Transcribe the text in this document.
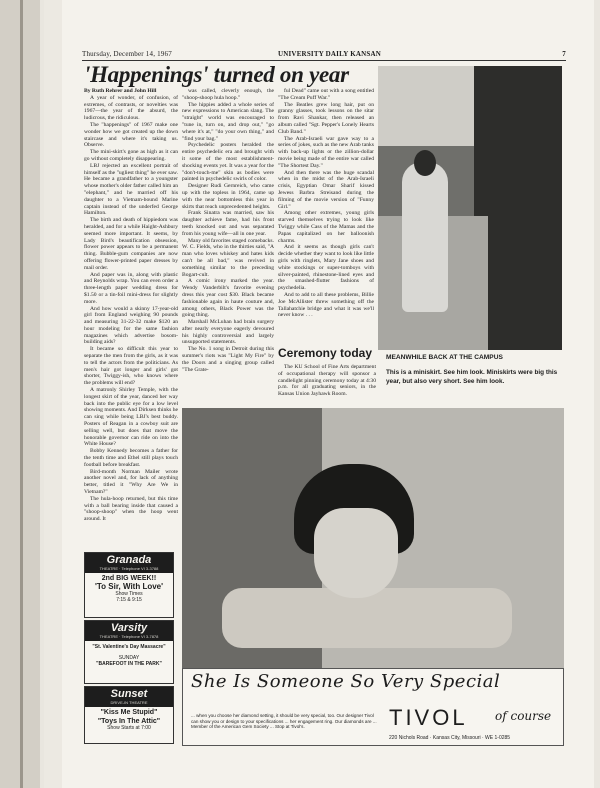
Thursday, December 14, 1967	UNIVERSITY DAILY KANSAN	7
'Happenings' turned on year

By Ruth Rehrer and John Hill

A year of wonder, of confusion, of extremes, of contrasts, or novelties was 1967—the year of the absurd, the ludicrous, the ridiculous.

The "happenings" of 1967 make one wonder how we got created up the down staircase and where it's taking us. Observe.

The mini-skirt's gone as high as it can go without completely disappearing.

LBJ rejected an excellent portrait of himself as the "ugliest thing" he ever saw. He became a grandfather to a youngster whose mother's older father called him an "elephant," and he married off his daughter to a Vietnam-bound Marine captain instead of the underfed George Hamilton.

The birth and death of hippiedom was heralded, and for a while Haight-Ashbury seemed more important. It seems, by Lady Bird's beautification obsession, flower power appears to be a permanent thing. Bubble-gum companies are now offering flower-printed paper dresses by mail order.

And paper was in, along with plastic and Reynolds wrap. You can even order a three-length paper wedding dress for $1.50 or a tin-foil mini-dress for slightly more.

And how would a skinny 17-year-old girl from England weighing 90 pounds and measuring 31-22-32 make $120 an hour modeling for the same fashion magazines which advertise bosom-building aids?

It became so difficult this year to separate the men from the girls, as it was to tell the actors from the politicians. As men's hair got longer and girls' got shorter, Twiggy-ish, who knows where the problems will end?

A matronly Shirley Temple, with the longest skirt of the year, danced her way back into the public eye for a low level showing moments. And Dirksen thinks he can sing while being LBJ's best buddy. Posters of Reagan in a cowboy suit are selling well, but does that move the honorable governor can ride on into the White House?

Bobby Kennedy becomes a father for the tenth time and Ethel still plays touch football before breakfast.

Bird-month Norman Mailer wrote another novel and, for lack of anything better, titled it "Why Are We in Vietnam?"

The hula-hoop returned, but this time with a ball bearing inside that caused a "shoop-shoop" when the hoop went around. It

was called, cleverly enough, the "shoop-shoop hula hoop."

The hippies added a whole series of new expressions to American slang. The "straight" world was encouraged to "tune in, turn on, and drop out," "go where it's at," "do your own thing," and "find your bag."

Psychedelic posters heralded the entire psychedelic era and brought with it some of the most establishment-shocking events yet. It was a year for the "don't-touch-me" skin as bodies were painted in psychedelic swirls of color.

Designer Rudi Gernreich, who came up with the topless in 1964, came up with the near bottomless this year in skirts that reach unprecedented heights.

Frank Sinatra was married, saw his daughter achieve fame, had his front teeth knocked out and was separated from his young wife—all in one year.

Many old favorites staged comebacks. W. C. Fields, who in the thirties said, "A man who loves whiskey and hates kids can't be all bad," was revived in something similar to the preceding Bogart-cult.

A comic irony marked the year. Wendy Vanderbilt's favorite evening dress this year cost $30. Black became fashionable again in haute couture and, among others, Black Power was the going thing.

Marshall McLuhan had brain surgery after nearly everyone eagerly devoured his highly controversial and largely unsupported statements.

The No. 1 song in Detroit during this summer's riots was "Light My Fire" by the Doors and a singing group called "The Grate-

ful Dead" came out with a song entitled "The Cream Puff War."

The Beatles grew long hair, put on granny glasses, took lessons on the sitar from Ravi Shankar, then released an album called "Sgt. Pepper's Lonely Hearts Club Band."

The Arab-Israeli war gave way to a series of jokes, such as the new Arab tanks with back-up lights or the zillion-dollar movie being made of the entire war called "The Shortest Day."

And then there was the huge scandal when in the midst of the Arab-Israeli crisis, Egyptian Omar Sharif kissed Jewess Barbra Streisand during the filming of the movie version of "Funny Girl."

Among other extremes, young girls starved themselves trying to look like Twiggy while Cass of the Mamas and the Papas capitalized on her balloonish charms.

And it seems as though girls can't decide whether they want to look like little girls with ringlets, Mary Jane shoes and white stockings or super-tomboys with silver-painted, rhinestone-lined eyes and the smashed-flutter fashions of psychedelia.

And to add to all these problems, Billie Joe McAllister threw something off the Tallahatchie bridge and what it was we'll never know . . .

MEANWHILE BACK AT THE CAMPUS
This is a miniskirt. See him look. Miniskirts were big this year, but also very short. See him look.
Ceremony today

The KU School of Fine Arts department of occupational therapy will sponsor a candlelight pinning ceremony today at 4:30 p.m. for all graduating seniors, in the Kansas Union Jayhawk Room.

She Is Someone So Very Special
... when you choose her diamond setting, it should be very special, too. Our designer Tivol can show you or design to your specifications ... her engagement ring. Our diamonds are ... Member of the American Gem Society ... Stop at Tivol's.	TIVOL of course
220 Nichols Road · Kansas City, Missouri · WE 1-0285
Granada
THEATRE · Telephone VI 3-3788
2nd BIG WEEK!!
'To Sir, With Love'
Show Times
7:15 & 9:15
Varsity
THEATRE · Telephone VI 3-7878
"St. Valentine's Day Massacre"
SUNDAY
"BAREFOOT IN THE PARK"
Sunset
DRIVE-IN THEATRE
"Kiss Me Stupid"
"Toys In The Attic"
Show Starts at 7:00
